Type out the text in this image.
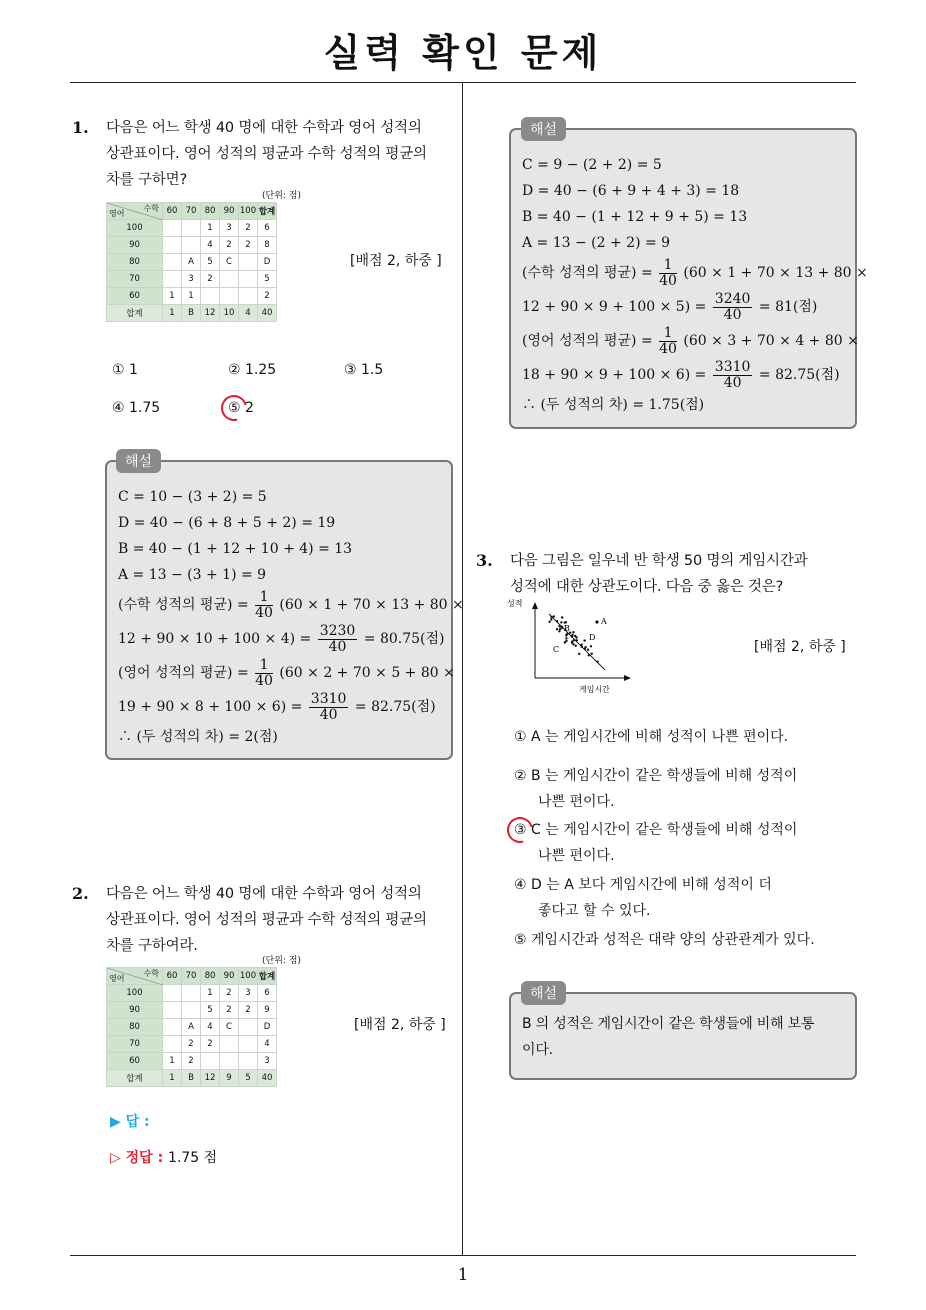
실력 확인 문제
1
1. 다음은 어느 학생 40 명에 대한 수학과 영어 성적의
상관표이다. 영어 성적의 평균과 수학 성적의 평균의
차를 구하면?
(단위: 점)
수학
영어	60	70	80	90	100	합계
100			1	3	2	6
90			4	2	2	8
80		A	5	C		D
70		3	2			5
60	1	1				2
합계	1	B	12	10	4	40
[배점 2, 하중 ]
① 1	② 1.25	③ 1.5
④ 1.75	⑤ 2
해설
C = 10 − (3 + 2) = 5
D = 40 − (6 + 8 + 5 + 2) = 19
B = 40 − (1 + 12 + 10 + 4) = 13
A = 13 − (3 + 1) = 9
(수학 성적의 평균) = $\frac{1}{40} (60 \times 1 + 70 \times 13 + 80$ ×
$12 + 90 \times 10 + 100 \times 4) = \frac{3230}{40} = 80.75$(점)
(영어 성적의 평균) = $\frac{1}{40} (60 \times 2 + 70 \times 5 + 80$ ×
$19 + 90 \times 8 + 100 \times 6) = \frac{3310}{40} = 82.75$(점)
∴ (두 성적의 차) = 2(점)
2. 다음은 어느 학생 40 명에 대한 수학과 영어 성적의
상관표이다. 영어 성적의 평균과 수학 성적의 평균의
차를 구하여라.
(단위: 점)
수학
영어	60	70	80	90	100	합계
100			1	2	3	6
90			5	2	2	9
80		A	4	C		D
70		2	2			4
60	1	2				3
합계	1	B	12	9	5	40
[배점 2, 하중 ]
▶ 답 :
▷ 정답 : 1.75 점
해설
C = 9 − (2 + 2) = 5
D = 40 − (6 + 9 + 4 + 3) = 18
B = 40 − (1 + 12 + 9 + 5) = 13
A = 13 − (2 + 2) = 9
(수학 성적의 평균) = $\frac{1}{40} (60 \times 1 + 70 \times 13 + 80$ ×
$12 + 90 \times 9 + 100 \times 5) = \frac{3240}{40} = 81$(점)
(영어 성적의 평균) = $\frac{1}{40} (60 \times 3 + 70 \times 4 + 80$ ×
$18 + 90 \times 9 + 100 \times 6) = \frac{3310}{40} = 82.75$(점)
∴ (두 성적의 차) = 1.75(점)
3. 다음 그림은 일우네 반 학생 50 명의 게임시간과
성적에 대한 상관도이다. 다음 중 옳은 것은?
A
B
C
D
성적
게임시간
[배점 2, 하중 ]
① A 는 게임시간에 비해 성적이 나쁜 편이다.
② B 는 게임시간이 같은 학생들에 비해 성적이
나쁜 편이다.
③ C 는 게임시간이 같은 학생들에 비해 성적이
나쁜 편이다.
④ D 는 A 보다 게임시간에 비해 성적이 더
좋다고 할 수 있다.
⑤ 게임시간과 성적은 대략 양의 상관관계가 있다.
해설
B 의 성적은 게임시간이 같은 학생들에 비해 보통
이다.
